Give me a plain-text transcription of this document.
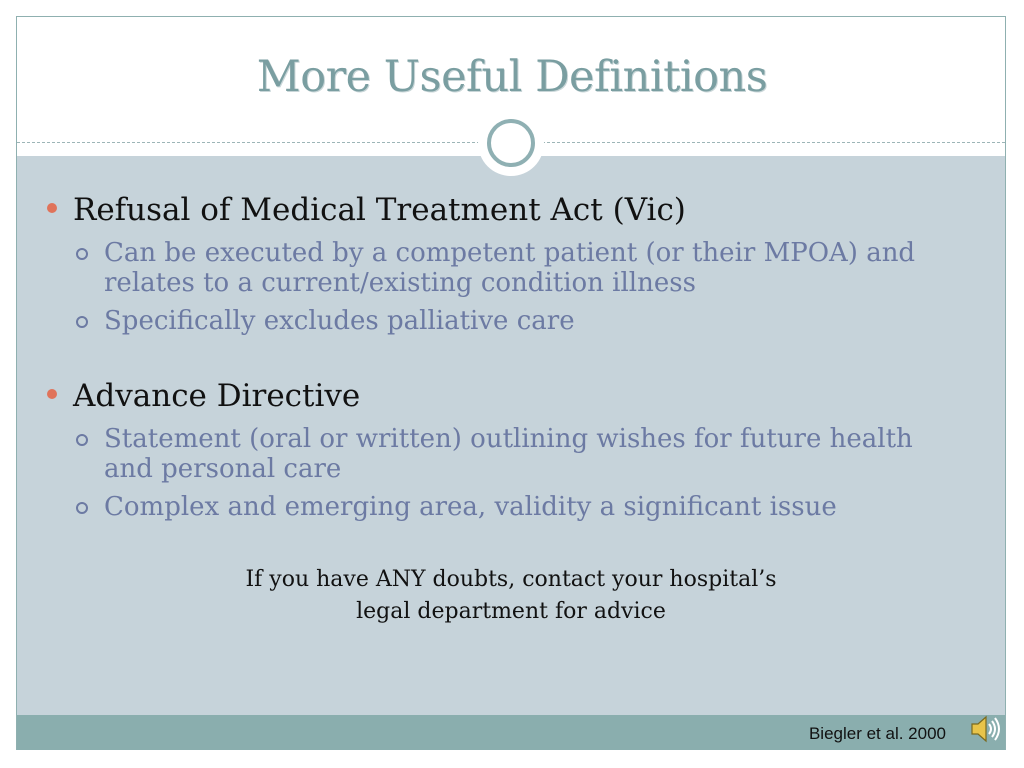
More Useful Definitions
Refusal of Medical Treatment Act (Vic)
Can be executed by a competent patient (or their MPOA) and
relates to a current/existing condition illness
Specifically excludes palliative care
Advance Directive
Statement (oral or written) outlining wishes for future health
and personal care
Complex and emerging area, validity a significant issue
If you have ANY doubts, contact your hospital’s
legal department for advice
Biegler et al. 2000
